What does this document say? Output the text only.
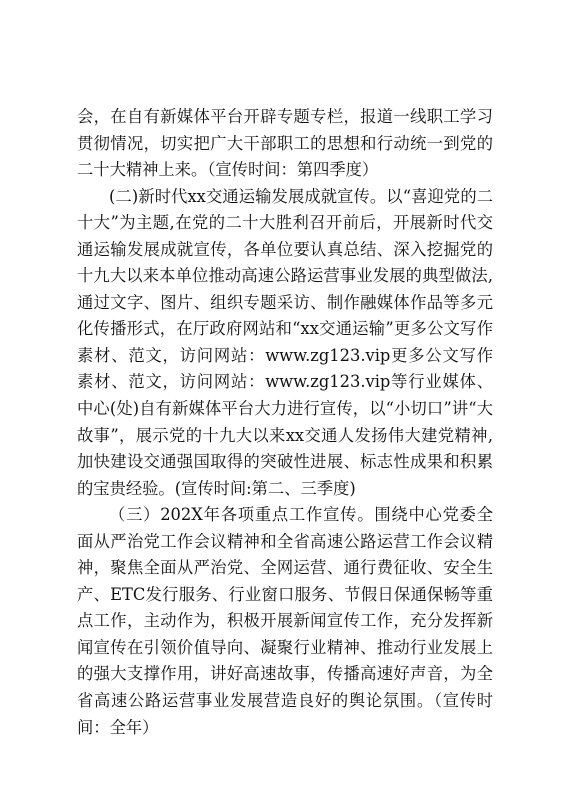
会，在自有新媒体平台开辟专题专栏，报道一线职工学习贯彻情况，切实把广大干部职工的思想和行动统一到党的二十大精神上来。（宣传时间：第四季度）

(二)新时代xx交通运输发展成就宣传。以“喜迎党的二十大”为主题,在党的二十大胜利召开前后，开展新时代交通运输发展成就宣传，各单位要认真总结、深入挖掘党的十九大以来本单位推动高速公路运营事业发展的典型做法,通过文字、图片、组织专题采访、制作融媒体作品等多元化传播形式，在厅政府网站和“xx交通运输”更多公文写作素材、范文，访问网站：www.zg123.vip更多公文写作素材、范文，访问网站：www.zg123.vip等行业媒体、中心(处)自有新媒体平台大力进行宣传，以“小切口”讲“大故事”，展示党的十九大以来xx交通人发扬伟大建党精神,加快建设交通强国取得的突破性进展、标志性成果和积累的宝贵经验。(宣传时间:第二、三季度)

（三）202X年各项重点工作宣传。围绕中心党委全面从严治党工作会议精神和全省高速公路运营工作会议精神，聚焦全面从严治党、全网运营、通行费征收、安全生产、ETC发行服务、行业窗口服务、节假日保通保畅等重点工作，主动作为，积极开展新闻宣传工作，充分发挥新闻宣传在引领价值导向、凝聚行业精神、推动行业发展上的强大支撑作用，讲好高速故事，传播高速好声音，为全省高速公路运营事业发展营造良好的舆论氛围。（宣传时间：全年）
